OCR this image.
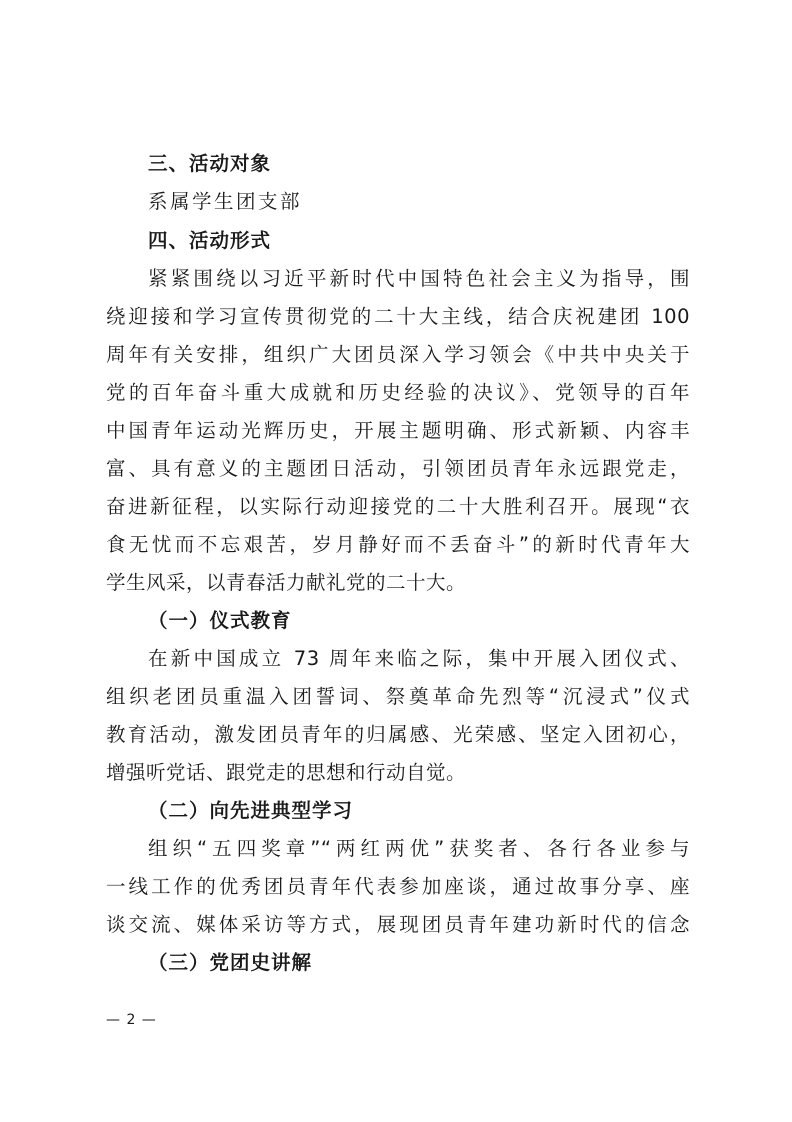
三、活动对象
系属学生团支部
四、活动形式
紧紧围绕以习近平新时代中国特色社会主义为指导，围
绕迎接和学习宣传贯彻党的二十大主线，结合庆祝建团 100
周年有关安排，组织广大团员深入学习领会《中共中央关于
党的百年奋斗重大成就和历史经验的决议》、党领导的百年
中国青年运动光辉历史，开展主题明确、形式新颖、内容丰
富、具有意义的主题团日活动，引领团员青年永远跟党走，
奋进新征程，以实际行动迎接党的二十大胜利召开。展现“衣
食无忧而不忘艰苦，岁月静好而不丢奋斗”的新时代青年大
学生风采，以青春活力献礼党的二十大。
（一）仪式教育
在新中国成立 73 周年来临之际，集中开展入团仪式、
组织老团员重温入团誓词、祭奠革命先烈等“沉浸式”仪式
教育活动，激发团员青年的归属感、光荣感、坚定入团初心，
增强听党话、跟党走的思想和行动自觉。
（二）向先进典型学习
组织“五四奖章”“两红两优”获奖者、各行各业参与
一线工作的优秀团员青年代表参加座谈，通过故事分享、座
谈交流、媒体采访等方式，展现团员青年建功新时代的信念
（三）党团史讲解
— 2 —
